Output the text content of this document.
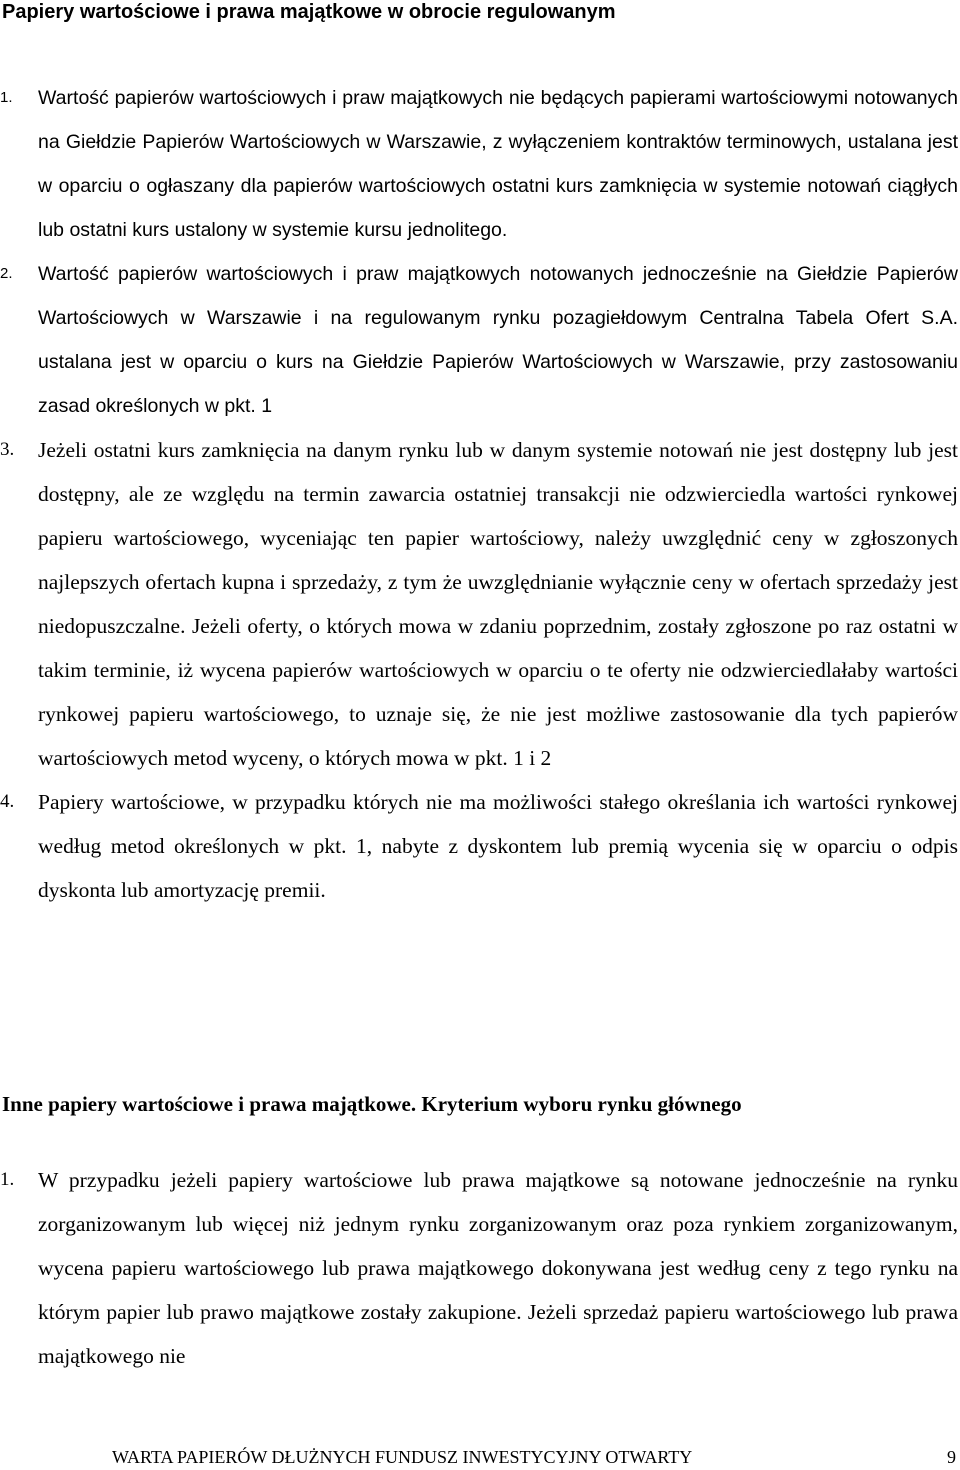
Papiery wartościowe i prawa majątkowe w obrocie regulowanym
1. Wartość papierów wartościowych i praw majątkowych nie będących papierami wartościowymi notowanych na Giełdzie Papierów Wartościowych w Warszawie, z wyłączeniem kontraktów terminowych, ustalana jest w oparciu o ogłaszany dla papierów wartościowych ostatni kurs zamknięcia w systemie notowań ciągłych lub ostatni kurs ustalony w systemie kursu jednolitego.
2. Wartość papierów wartościowych i praw majątkowych notowanych jednocześnie na Giełdzie Papierów Wartościowych w Warszawie i na regulowanym rynku pozagiełdowym Centralna Tabela Ofert S.A. ustalana jest w oparciu o kurs na Giełdzie Papierów Wartościowych w Warszawie, przy zastosowaniu zasad określonych w pkt. 1
3. Jeżeli ostatni kurs zamknięcia na danym rynku lub w danym systemie notowań nie jest dostępny lub jest dostępny, ale ze względu na termin zawarcia ostatniej transakcji nie odzwierciedla wartości rynkowej papieru wartościowego, wyceniając ten papier wartościowy, należy uwzględnić ceny w zgłoszonych najlepszych ofertach kupna i sprzedaży, z tym że uwzględnianie wyłącznie ceny w ofertach sprzedaży jest niedopuszczalne. Jeżeli oferty, o których mowa w zdaniu poprzednim, zostały zgłoszone po raz ostatni w takim terminie, iż wycena papierów wartościowych w oparciu o te oferty nie odzwierciedlałaby wartości rynkowej papieru wartościowego, to uznaje się, że nie jest możliwe zastosowanie dla tych papierów wartościowych metod wyceny, o których mowa w pkt. 1 i 2
4. Papiery wartościowe, w przypadku których nie ma możliwości stałego określania ich wartości rynkowej według metod określonych w pkt. 1, nabyte z dyskontem lub premią wycenia się w oparciu o odpis dyskonta lub amortyzację premii.
Inne papiery wartościowe i prawa majątkowe. Kryterium wyboru rynku głównego
1. W przypadku jeżeli papiery wartościowe lub prawa majątkowe są notowane jednocześnie na rynku zorganizowanym lub więcej niż jednym rynku zorganizowanym oraz poza rynkiem zorganizowanym, wycena papieru wartościowego lub prawa majątkowego dokonywana jest według ceny z tego rynku na którym papier lub prawo majątkowe zostały zakupione. Jeżeli sprzedaż papieru wartościowego lub prawa majątkowego nie
WARTA PAPIERÓW DŁUŻNYCH FUNDUSZ INWESTYCYJNY OTWARTY	9
